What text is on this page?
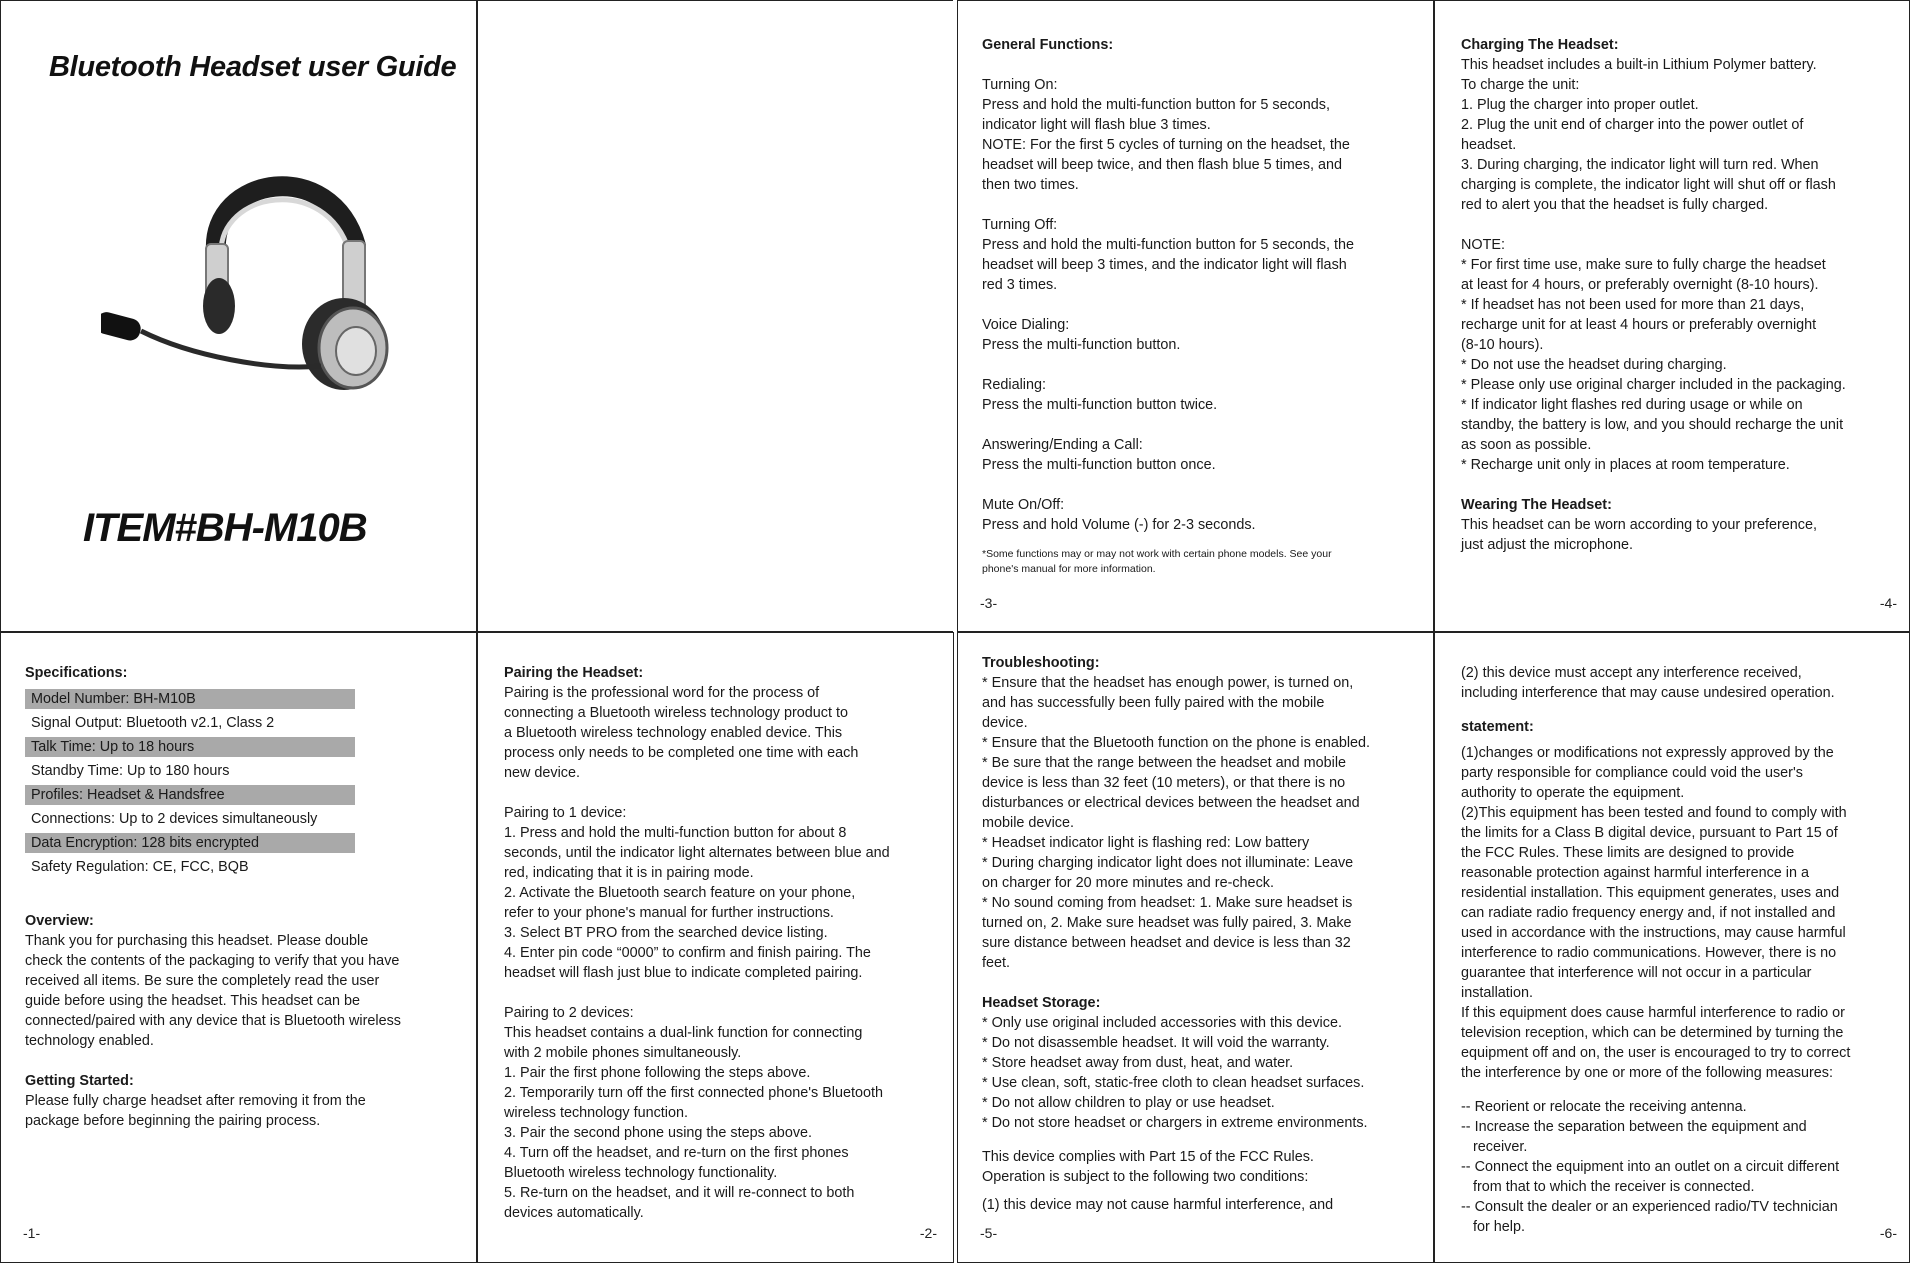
Bluetooth Headset user Guide
ITEM#BH-M10B

General Functions:

Turning On:

Press and hold the multi-function button for 5 seconds,

indicator light will flash blue 3 times.

NOTE: For the first 5 cycles of turning on the headset, the

headset will beep twice, and then flash blue 5 times, and

then two times.

Turning Off:

Press and hold the multi-function button for 5 seconds, the

headset will beep 3 times, and the indicator light will flash

red 3 times.

Voice Dialing:

Press the multi-function button.

Redialing:

Press the multi-function button twice.

Answering/Ending a Call:

Press the multi-function button once.

Mute On/Off:

Press and hold Volume (-) for 2-3 seconds.

*Some functions may or may not work with certain phone models. See your

phone's manual for more information.

-3-

Charging The Headset:

This headset includes a built-in Lithium Polymer battery.

To charge the unit:

1. Plug the charger into proper outlet.

2. Plug the unit end of charger into the power outlet of

headset.

3. During charging, the indicator light will turn red. When

charging is complete, the indicator light will shut off or flash

red to alert you that the headset is fully charged.

NOTE:

* For first time use, make sure to fully charge the headset

at least for 4 hours, or preferably overnight (8-10 hours).

* If headset has not been used for more than 21 days,

recharge unit for at least 4 hours or preferably overnight

(8-10 hours).

* Do not use the headset during charging.

* Please only use original charger included in the packaging.

* If indicator light flashes red during usage or while on

standby, the battery is low, and you should recharge the unit

as soon as possible.

* Recharge unit only in places at room temperature.

Wearing The Headset:

This headset can be worn according to your preference,

just adjust the microphone.

-4-

Specifications:

Model Number: BH-M10B
Signal Output: Bluetooth v2.1, Class 2
Talk Time: Up to 18 hours
Standby Time: Up to 180 hours
Profiles: Headset & Handsfree
Connections: Up to 2 devices simultaneously
Data Encryption: 128 bits encrypted
Safety Regulation: CE, FCC, BQB

Overview:

Thank you for purchasing this headset. Please double

check the contents of the packaging to verify that you have

received all items. Be sure the completely read the user

guide before using the headset. This headset can be

connected/paired with any device that is Bluetooth wireless

technology enabled.

Getting Started:

Please fully charge headset after removing it from the

package before beginning the pairing process.

-1-

Pairing the Headset:

Pairing is the professional word for the process of

connecting a Bluetooth wireless technology product to

a Bluetooth wireless technology enabled device. This

process only needs to be completed one time with each

new device.

Pairing to 1 device:

1. Press and hold the multi-function button for about 8

seconds, until the indicator light alternates between blue and

red, indicating that it is in pairing mode.

2. Activate the Bluetooth search feature on your phone,

refer to your phone's manual for further instructions.

3. Select BT PRO from the searched device listing.

4. Enter pin code “0000” to confirm and finish pairing. The

headset will flash just blue to indicate completed pairing.

Pairing to 2 devices:

This headset contains a dual-link function for connecting

with 2 mobile phones simultaneously.

1. Pair the first phone following the steps above.

2. Temporarily turn off the first connected phone's Bluetooth

wireless technology function.

3. Pair the second phone using the steps above.

4. Turn off the headset, and re-turn on the first phones

Bluetooth wireless technology functionality.

5. Re-turn on the headset, and it will re-connect to both

devices automatically.

-2-

Troubleshooting:

* Ensure that the headset has enough power, is turned on,

and has successfully been fully paired with the mobile

device.

* Ensure that the Bluetooth function on the phone is enabled.

* Be sure that the range between the headset and mobile

device is less than 32 feet (10 meters), or that there is no

disturbances or electrical devices between the headset and

mobile device.

* Headset indicator light is flashing red: Low battery

* During charging indicator light does not illuminate: Leave

on charger for 20 more minutes and re-check.

* No sound coming from headset: 1. Make sure headset is

turned on, 2. Make sure headset was fully paired, 3. Make

sure distance between headset and device is less than 32

feet.

Headset Storage:

* Only use original included accessories with this device.

* Do not disassemble headset. It will void the warranty.

* Store headset away from dust, heat, and water.

* Use clean, soft, static-free cloth to clean headset surfaces.

* Do not allow children to play or use headset.

* Do not store headset or chargers in extreme environments.

This device complies with Part 15 of the FCC Rules.

Operation is subject to the following two conditions:

(1) this device may not cause harmful interference, and

-5-

(2) this device must accept any interference received,

including interference that may cause undesired operation.

statement:

(1)changes or modifications not expressly approved by the

party responsible for compliance could void the user's

authority to operate the equipment.

(2)This equipment has been tested and found to comply with

the limits for a Class B digital device, pursuant to Part 15 of

the FCC Rules. These limits are designed to provide

reasonable protection against harmful interference in a

residential installation. This equipment generates, uses and

can radiate radio frequency energy and, if not installed and

used in accordance with the instructions, may cause harmful

interference to radio communications. However, there is no

guarantee that interference will not occur in a particular

installation.

If this equipment does cause harmful interference to radio or

television reception, which can be determined by turning the

equipment off and on, the user is encouraged to try to correct

the interference by one or more of the following measures:

-- Reorient or relocate the receiving antenna.

-- Increase the separation between the equipment and

receiver.

-- Connect the equipment into an outlet on a circuit different

from that to which the receiver is connected.

-- Consult the dealer or an experienced radio/TV technician

for help.	-6-
